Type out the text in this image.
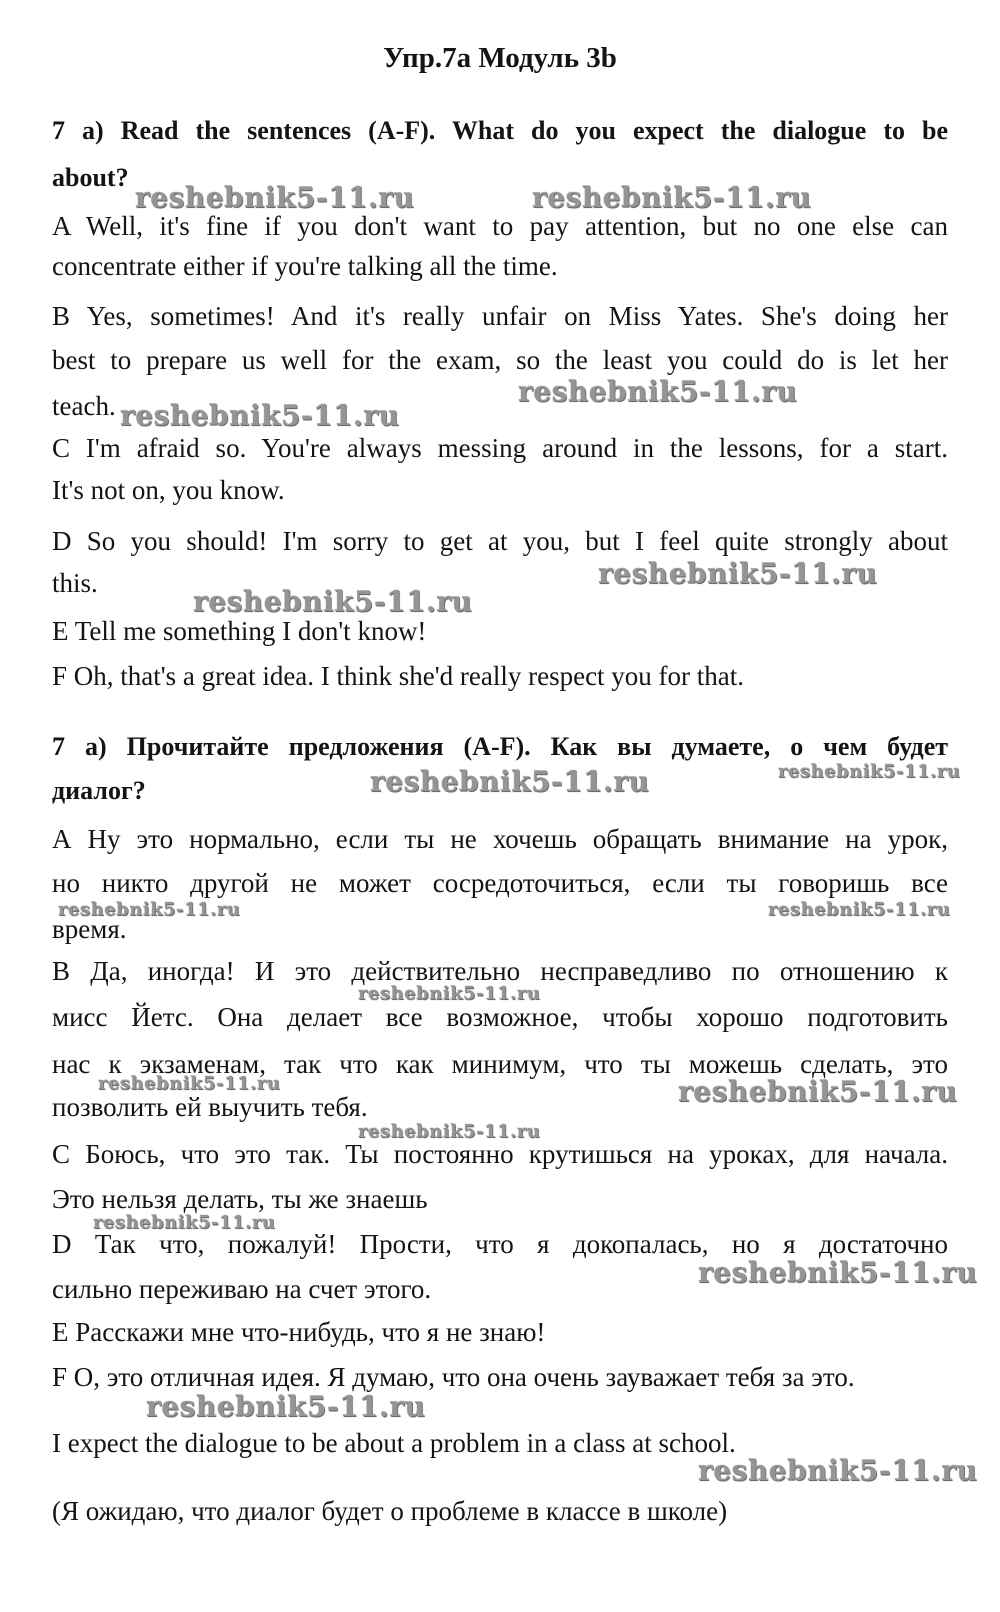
Упр.7а Модуль 3b
7 a) Read the sentences (A-F). What do you expect the dialogue to be
about?
A Well, it's fine if you don't want to pay attention, but no one else can
concentrate either if you're talking all the time.
B Yes, sometimes! And it's really unfair on Miss Yates. She's doing her
best to prepare us well for the exam, so the least you could do is let her
teach.
C I'm afraid so. You're always messing around in the lessons, for a start.
It's not on, you know.
D So you should! I'm sorry to get at you, but I feel quite strongly about
this.
E Tell me something I don't know!
F Oh, that's a great idea. I think she'd really respect you for that.
7 а) Прочитайте предложения (A-F). Как вы думаете, о чем будет
диалог?
А Ну это нормально, если ты не хочешь обращать внимание на урок,
но никто другой не может сосредоточиться, если ты говоришь все
время.
В Да, иногда! И это действительно несправедливо по отношению к
мисс Йетс. Она делает все возможное, чтобы хорошо подготовить
нас к экзаменам, так что как минимум, что ты можешь сделать, это
позволить ей выучить тебя.
C Боюсь, что это так. Ты постоянно крутишься на уроках, для начала.
Это нельзя делать, ты же знаешь
D Так что, пожалуй! Прости, что я докопалась, но я достаточно
сильно переживаю на счет этого.
E Расскажи мне что-нибудь, что я не знаю!
F О, это отличная идея. Я думаю, что она очень зауважает тебя за это.
I expect the dialogue to be about a problem in a class at school.
(Я ожидаю, что диалог будет о проблеме в классе в школе)
reshebnik5-11.ru	reshebnik5-11.ru
reshebnik5-11.ru
reshebnik5-11.ru
reshebnik5-11.ru
reshebnik5-11.ru
reshebnik5-11.ru
reshebnik5-11.ru
reshebnik5-11.ru
reshebnik5-11.ru
reshebnik5-11.ru
reshebnik5-11.ru
reshebnik5-11.ru	reshebnik5-11.ru
reshebnik5-11.ru
reshebnik5-11.ru
reshebnik5-11.ru
reshebnik5-11.ru
